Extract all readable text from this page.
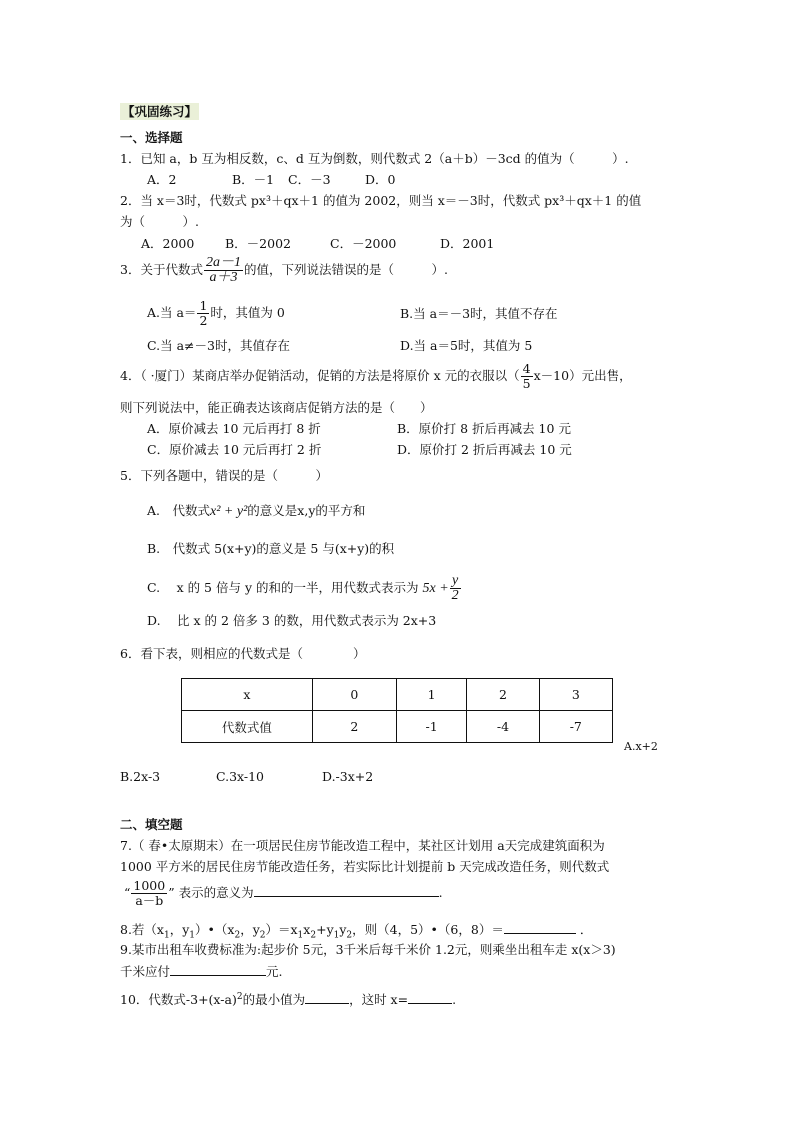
【巩固练习】
一、选择题
1．已知 a，b 互为相反数，c、d 互为倒数，则代数式 2（a＋b）－3cd 的值为（　　　）.
A．2	B．－1 C．－3	D．0
2．当 x＝3时，代数式 px³＋qx＋1 的值为 2002，则当 x＝－3时，代数式 px³＋qx＋1 的值
为（　　　）.
A．2000 B．－2002	C．－2000	D．2001
3．关于代数式 $\frac{2a-1}{a+3}$ 的值，下列说法错误的是（　　　）.
A.当 $a= \frac{1}{2}$ 时，其值为 0	B.当 a＝－3时，其值不存在
C.当 a≠－3时，其值存在	D.当 a＝5时，其值为 5
4．（ ·厦门）某商店举办促销活动，促销的方法是将原价 x 元的衣服以（ $\frac{4}{5} x-10$）元出售，
则下列说法中，能正确表达该商店促销方法的是（　　）
A．原价减去 10 元后再打 8 折	B．原价打 8 折后再减去 10 元
C．原价减去 10 元后再打 2 折	D．原价打 2 折后再减去 10 元
5．下列各题中，错误的是（　　　）
A.　代数式x² + y²的意义是x,y的平方和
B.　代数式 5(x+y)的意义是 5 与(x+y)的积
C.　 x 的 5 倍与 y 的和的一半，用代数式表示为 $5x + \frac{y}{2}$
D.　 比 x 的 2 倍多 3 的数，用代数式表示为 2x+3
6．看下表，则相应的代数式是（　　　　）
x	0	1	2	3
代数式值	2	-1	-4	-7
A.x+2
B.2x-3	C.3x-10	D.-3x+2
二、填空题
7.（ 春•太原期末）在一项居民住房节能改造工程中，某社区计划用 a天完成建筑面积为
1000 平方米的居民住房节能改造任务，若实际比计划提前 b 天完成改造任务，则代数式
“ $\frac{1000}{a-b}$ ” 表示的意义为	.
8.若（$x_1$，$y_1)•(x_2$，$y_2)=x_1x_2+y_1y_2$，则（4，5）•（6，8）＝	．
9.某市出租车收费标准为:起步价 5元，3千米后每千米价 1.2元，则乘坐出租车走 x(x＞3)
千米应付	元.
10．代数式$-3+(x-a)^2$的最小值为	，这时 x=	.
